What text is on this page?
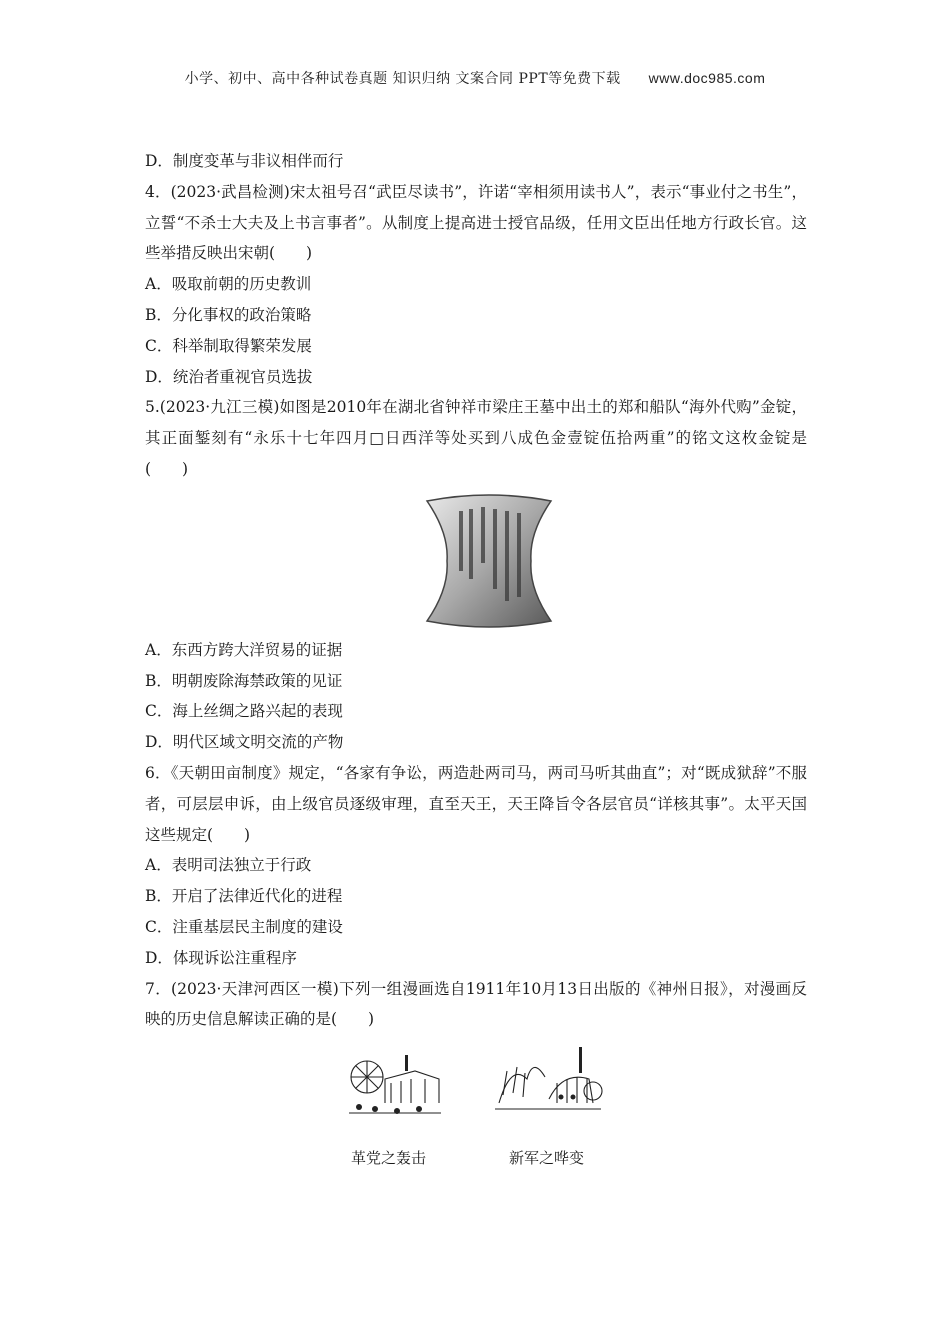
小学、初中、高中各种试卷真题 知识归纳 文案合同 PPT等免费下载 www.doc985.com
D．制度变革与非议相伴而行
4．(2023·武昌检测)宋太祖号召“武臣尽读书”，许诺“宰相须用读书人”，表示“事业付之书生”，立誓“不杀士大夫及上书言事者”。从制度上提高进士授官品级，任用文臣出任地方行政长官。这些举措反映出宋朝(　　)
A．吸取前朝的历史教训
B．分化事权的政治策略
C．科举制取得繁荣发展
D．统治者重视官员选拔
5.(2023·九江三模)如图是2010年在湖北省钟祥市梁庄王墓中出土的郑和船队“海外代购”金锭，其正面錾刻有“永乐十七年四月□日西洋等处买到八成色金壹锭伍拾两重”的铭文这枚金锭是(　　)
A．东西方跨大洋贸易的证据
B．明朝废除海禁政策的见证
C．海上丝绸之路兴起的表现
D．明代区域文明交流的产物
6．《天朝田亩制度》规定，“各家有争讼，两造赴两司马，两司马听其曲直”；对“既成狱辞”不服者，可层层申诉，由上级官员逐级审理，直至天王，天王降旨令各层官员“详核其事”。太平天国这些规定(　　)
A．表明司法独立于行政
B．开启了法律近代化的进程
C．注重基层民主制度的建设
D．体现诉讼注重程序
7．(2023·天津河西区一模)下列一组漫画选自1911年10月13日出版的《神州日报》，对漫画反映的历史信息解读正确的是(　　)
革党之轰击	新军之哗变
